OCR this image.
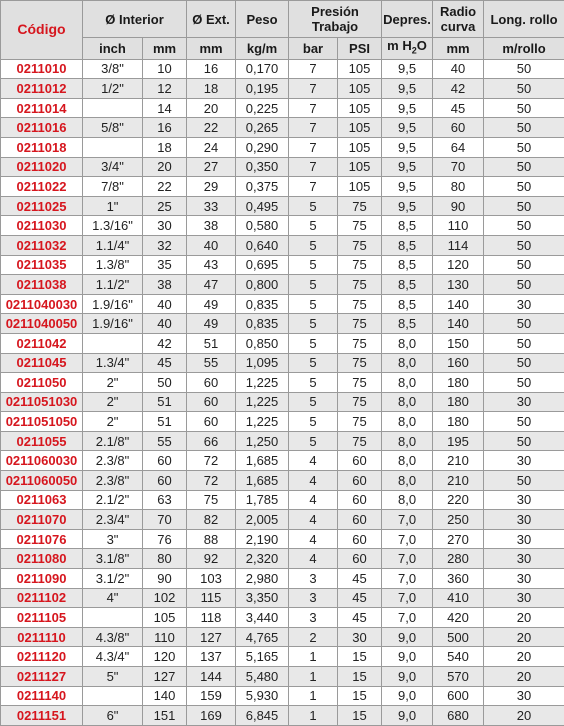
Código	Ø Interior		Ø Ext.	Peso	Presión Trabajo		Depres.	Radio curva	Long. rollo
	inch	mm	mm	kg/m	bar	PSI	m $H_2O$	mm	m/rollo
0211010	3/8"	10	16	0,170	7	105	9,5	40	50
0211012	1/2"	12	18	0,195	7	105	9,5	42	50
0211014		14	20	0,225	7	105	9,5	45	50
0211016	5/8"	16	22	0,265	7	105	9,5	60	50
0211018		18	24	0,290	7	105	9,5	64	50
0211020	3/4"	20	27	0,350	7	105	9,5	70	50
0211022	7/8"	22	29	0,375	7	105	9,5	80	50
0211025	1"	25	33	0,495	5	75	9,5	90	50
0211030	1.3/16"	30	38	0,580	5	75	8,5	110	50
0211032	1.1/4"	32	40	0,640	5	75	8,5	114	50
0211035	1.3/8"	35	43	0,695	5	75	8,5	120	50
0211038	1.1/2"	38	47	0,800	5	75	8,5	130	50
0211040030	1.9/16"	40	49	0,835	5	75	8,5	140	30
0211040050	1.9/16"	40	49	0,835	5	75	8,5	140	50
0211042		42	51	0,850	5	75	8,0	150	50
0211045	1.3/4"	45	55	1,095	5	75	8,0	160	50
0211050	2"	50	60	1,225	5	75	8,0	180	50
0211051030	2"	51	60	1,225	5	75	8,0	180	30
0211051050	2"	51	60	1,225	5	75	8,0	180	50
0211055	2.1/8"	55	66	1,250	5	75	8,0	195	50
0211060030	2.3/8"	60	72	1,685	4	60	8,0	210	30
0211060050	2.3/8"	60	72	1,685	4	60	8,0	210	50
0211063	2.1/2"	63	75	1,785	4	60	8,0	220	30
0211070	2.3/4"	70	82	2,005	4	60	7,0	250	30
0211076	3"	76	88	2,190	4	60	7,0	270	30
0211080	3.1/8"	80	92	2,320	4	60	7,0	280	30
0211090	3.1/2"	90	103	2,980	3	45	7,0	360	30
0211102	4"	102	115	3,350	3	45	7,0	410	30
0211105		105	118	3,440	3	45	7,0	420	20
0211110	4.3/8"	110	127	4,765	2	30	9,0	500	20
0211120	4.3/4"	120	137	5,165	1	15	9,0	540	20
0211127	5"	127	144	5,480	1	15	9,0	570	20
0211140		140	159	5,930	1	15	9,0	600	30
0211151	6"	151	169	6,845	1	15	9,0	680	20
